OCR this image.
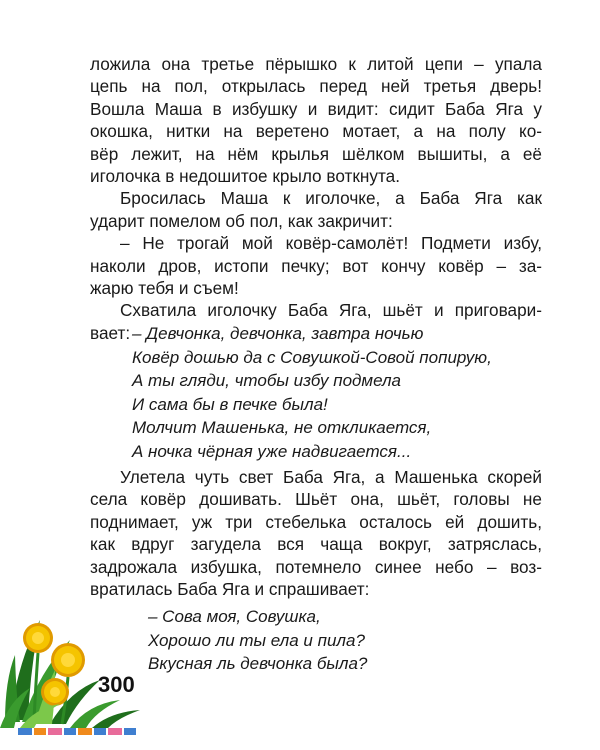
ложила она третье пёрышко к литой цепи – упала
цепь на пол, открылась перед ней третья дверь!
Вошла Маша в избушку и видит: сидит Баба Яга у
окошка, нитки на веретено мотает, а на полу ко-
вёр лежит, на нём крылья шёлком вышиты, а её
иголочка в недошитое крыло воткнута.
Бросилась Маша к иголочке, а Баба Яга как
ударит помелом об пол, как закричит:
– Не трогай мой ковёр-самолёт! Подмети избу,
наколи дров, истопи печку; вот кончу ковёр – за-
жарю тебя и съем!
Схватила иголочку Баба Яга, шьёт и приговари-
вает: – Девчонка, девчонка, завтра ночью
Ковёр дошью да с Совушкой-Совой попирую,
А ты гляди, чтобы избу подмела
И сама бы в печке была!
Молчит Машенька, не откликается,
А ночка чёрная уже надвигается...
Улетела чуть свет Баба Яга, а Машенька скорей
села ковёр дошивать. Шьёт она, шьёт, головы не
поднимает, уж три стебелька осталось ей дошить,
как вдруг загудела вся чаща вокруг, затряслась,
задрожала избушка, потемнело синее небо – воз-
вратилась Баба Яга и спрашивает:
– Сова моя, Совушка,
Хорошо ли ты ела и пила?
Вкусная ль девчонка была?
300
